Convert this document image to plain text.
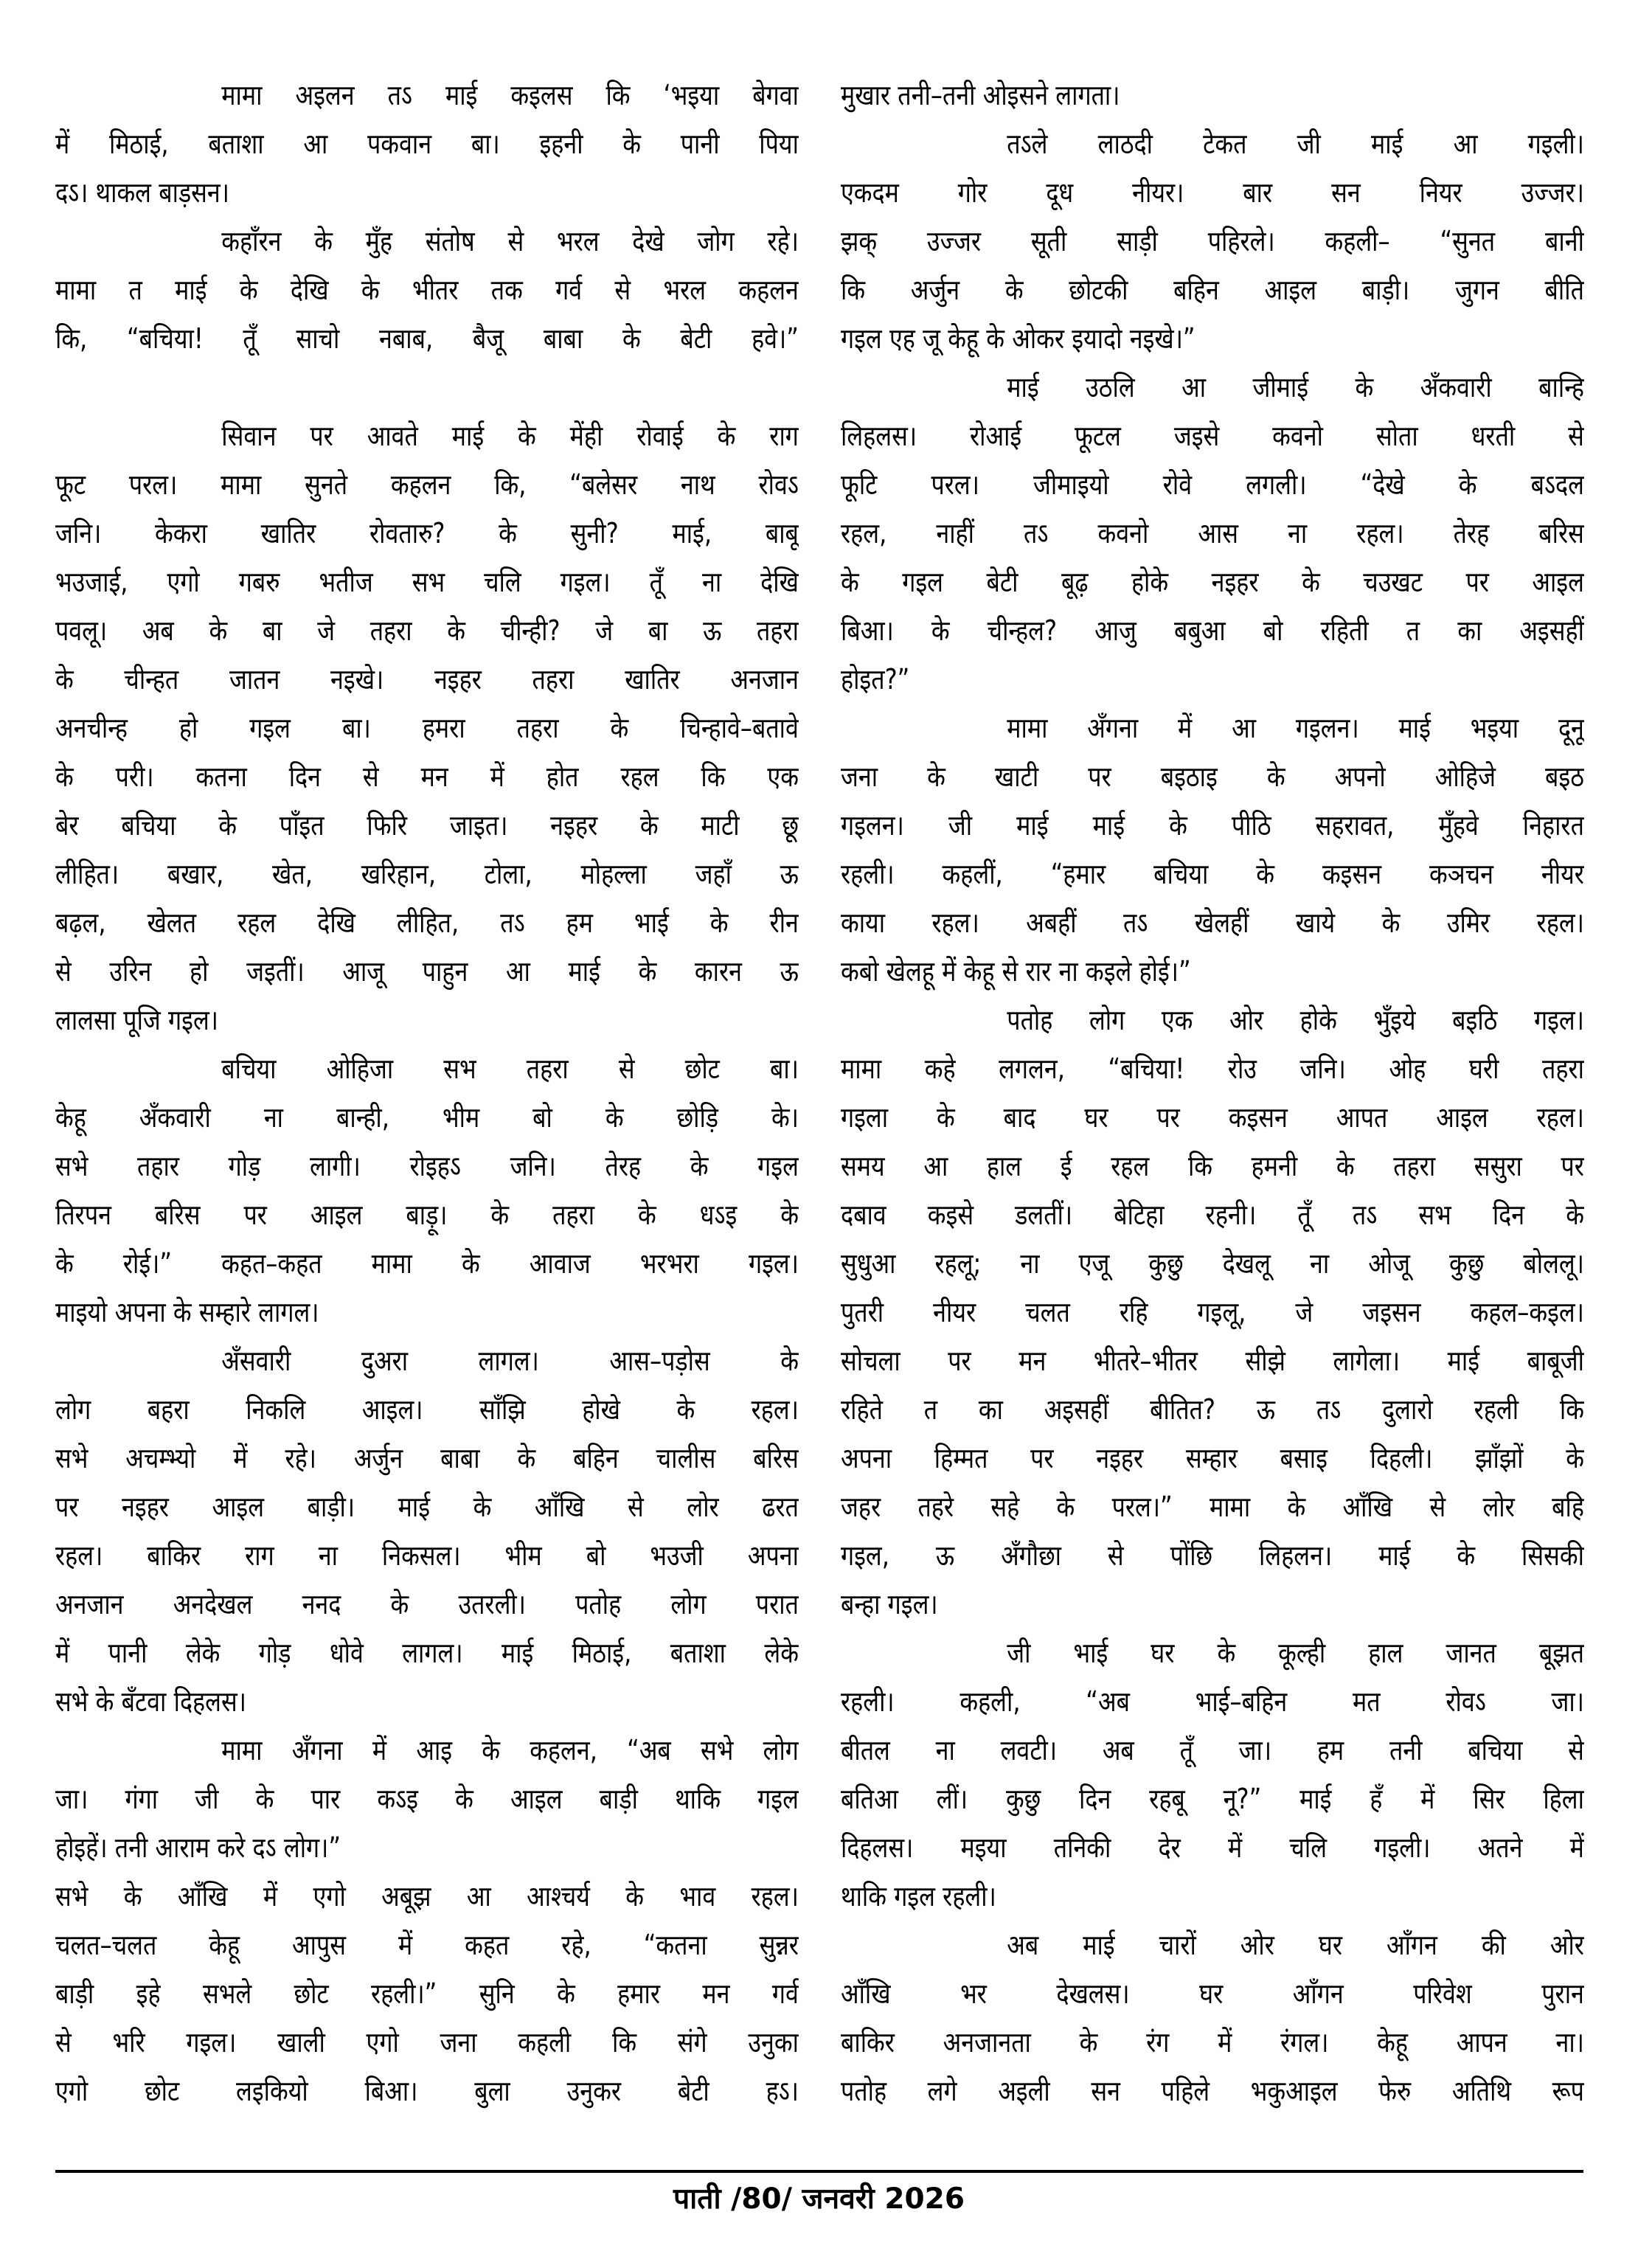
मामा अइलन तऽ माई कइलस कि ‘भइया बेगवा
में मिठाई, बताशा आ पकवान बा। इहनी के पानी पिया
दऽ। थाकल बाड़सन।
कहाँरन के मुँह संतोष से भरल देखे जोग रहे।
मामा त माई के देखि के भीतर तक गर्व से भरल कहलन
कि, “बचिया! तूँ साचो नबाब, बैजू बाबा के बेटी हवे।”
सिवान पर आवते माई के मेंही रोवाई के राग
फूट परल। मामा सुनते कहलन कि, “बलेसर नाथ रोवऽ
जनि। केकरा खातिर रोवतारु? के सुनी? माई, बाबू
भउजाई, एगो गबरु भतीज सभ चलि गइल। तूँ ना देखि
पवलू। अब के बा जे तहरा के चीन्ही? जे बा ऊ तहरा
के चीन्हत जातन नइखे। नइहर तहरा खातिर अनजान
अनचीन्ह हो गइल बा। हमरा तहरा के चिन्हावे–बतावे
के परी। कतना दिन से मन में होत रहल कि एक
बेर बचिया के पाँइत फिरि जाइत। नइहर के माटी छू
लीहित। बखार, खेत, खरिहान, टोला, मोहल्ला जहाँ ऊ
बढ़ल, खेलत रहल देखि लीहित, तऽ हम भाई के रीन
से उरिन हो जइतीं। आजू पाहुन आ माई के कारन ऊ
लालसा पूजि गइल।
बचिया ओहिजा सभ तहरा से छोट बा।
केहू अँकवारी ना बान्ही, भीम बो के छोड़ि के।
सभे तहार गोड़ लागी। रोइहऽ जनि। तेरह के गइल
तिरपन बरिस पर आइल बाड़ू। के तहरा के धऽइ के
के रोई।” कहत–कहत मामा के आवाज भरभरा गइल।
माइयो अपना के सम्हारे लागल।
अँसवारी दुअरा लागल। आस–पड़ोस के
लोग बहरा निकलि आइल। साँझि होखे के रहल।
सभे अचम्भ्यो में रहे। अर्जुन बाबा के बहिन चालीस बरिस
पर नइहर आइल बाड़ी। माई के आँखि से लोर ढरत
रहल। बाकिर राग ना निकसल। भीम बो भउजी अपना
अनजान अनदेखल ननद के उतरली। पतोह लोग परात
में पानी लेके गोड़ धोवे लागल। माई मिठाई, बताशा लेके
सभे के बँटवा दिहलस।
मामा अँगना में आइ के कहलन, “अब सभे लोग
जा। गंगा जी के पार कऽइ के आइल बाड़ी थाकि गइल
होइहें। तनी आराम करे दऽ लोग।”
सभे के आँखि में एगो अबूझ आ आश्चर्य के भाव रहल।
चलत–चलत केहू आपुस में कहत रहे, “कतना सुन्नर
बाड़ी इहे सभले छोट रहली।” सुनि के हमार मन गर्व
से भरि गइल। खाली एगो जना कहली कि संगे उनुका
एगो छोट लइकियो बिआ। बुला उनुकर बेटी हऽ।
मुखार तनी–तनी ओइसने लागता।
तऽले लाठदी टेकत जी माई आ गइली।
एकदम गोर दूध नीयर। बार सन नियर उज्जर।
झक् उज्जर सूती साड़ी पहिरले। कहली– “सुनत बानी
कि अर्जुन के छोटकी बहिन आइल बाड़ी। जुगन बीति
गइल एह जू केहू के ओकर इयादो नइखे।”
माई उठलि आ जीमाई के अँकवारी बान्हि
लिहलस। रोआई फूटल जइसे कवनो सोता धरती से
फूटि परल। जीमाइयो रोवे लगली। “देखे के बऽदल
रहल, नाहीं तऽ कवनो आस ना रहल। तेरह बरिस
के गइल बेटी बूढ़ होके नइहर के चउखट पर आइल
बिआ। के चीन्हल? आजु बबुआ बो रहिती त का अइसहीं
होइत?”
मामा अँगना में आ गइलन। माई भइया दूनू
जना के खाटी पर बइठाइ के अपनो ओहिजे बइठ
गइलन। जी माई माई के पीठि सहरावत, मुँहवे निहारत
रहली। कहलीं, “हमार बचिया के कइसन कञचन नीयर
काया रहल। अबहीं तऽ खेलहीं खाये के उमिर रहल।
कबो खेलहू में केहू से रार ना कइले होई।”
पतोह लोग एक ओर होके भुँइये बइठि गइल।
मामा कहे लगलन, “बचिया! रोउ जनि। ओह घरी तहरा
गइला के बाद घर पर कइसन आपत आइल रहल।
समय आ हाल ई रहल कि हमनी के तहरा ससुरा पर
दबाव कइसे डलतीं। बेटिहा रहनी। तूँ तऽ सभ दिन के
सुधुआ रहलू; ना एजू कुछु देखलू ना ओजू कुछु बोललू।
पुतरी नीयर चलत रहि गइलू, जे जइसन कहल–कइल।
सोचला पर मन भीतरे–भीतर सीझे लागेला। माई बाबूजी
रहिते त का अइसहीं बीतित? ऊ तऽ दुलारो रहली कि
अपना हिम्मत पर नइहर सम्हार बसाइ दिहली। झाँझों के
जहर तहरे सहे के परल।” मामा के आँखि से लोर बहि
गइल, ऊ अँगौछा से पोंछि लिहलन। माई के सिसकी
बन्हा गइल।
जी भाई घर के कूल्ही हाल जानत बूझत
रहली। कहली, “अब भाई–बहिन मत रोवऽ जा।
बीतल ना लवटी। अब तूँ जा। हम तनी बचिया से
बतिआ लीं। कुछु दिन रहबू नू?” माई हँ में सिर हिला
दिहलस। मइया तनिकी देर में चलि गइली। अतने में
थाकि गइल रहली।
अब माई चारों ओर घर आँगन की ओर
आँखि भर देखलस। घर आँगन परिवेश पुरान
बाकिर अनजानता के रंग में रंगल। केहू आपन ना।
पतोह लगे अइली सन पहिले भकुआइल फेरु अतिथि रूप
पाती /80/ जनवरी 2026
